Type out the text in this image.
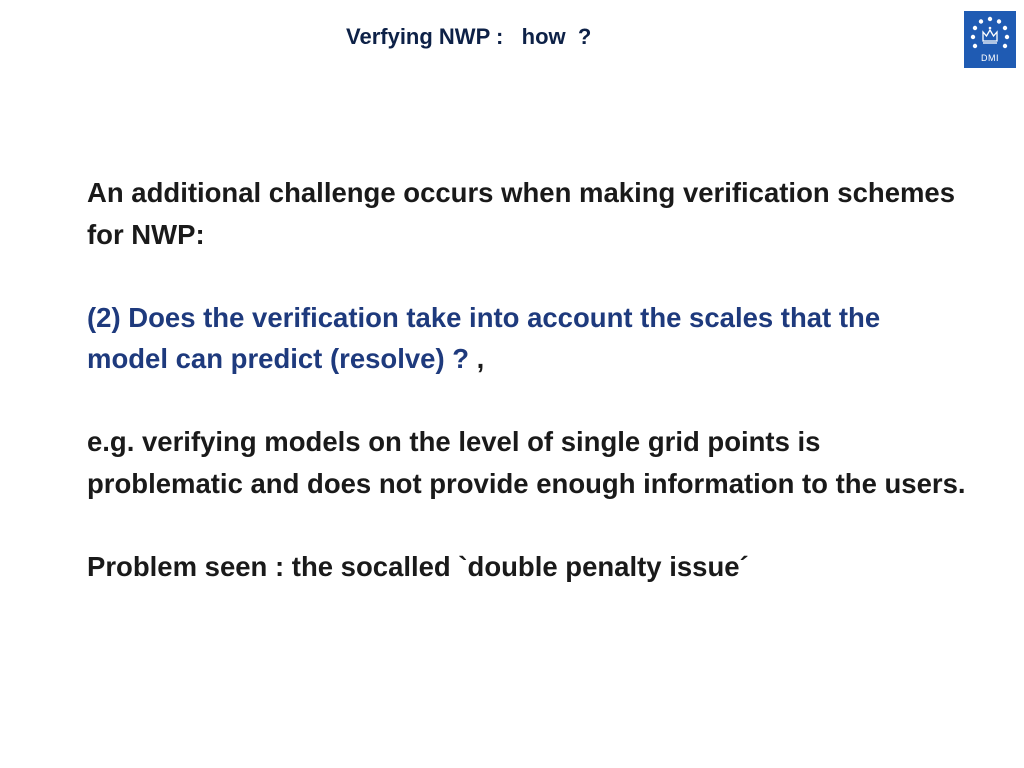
Verfying NWP :   how  ?
DMI

An additional challenge occurs when making verification schemes for NWP:

(2) Does the verification take into account the scales that the model can predict (resolve) ? ,

e.g. verifying models on the level of single grid points is problematic and does not provide enough information to the users.

Problem seen : the socalled `double penalty issue´
